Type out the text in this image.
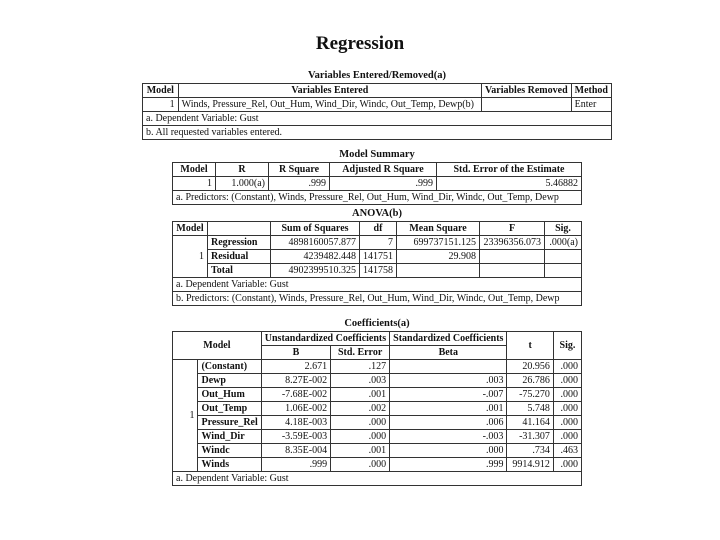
Regression
Variables Entered/Removed(a)
Model	Variables Entered	Variables Removed	Method
1	Winds, Pressure_Rel, Out_Hum, Wind_Dir, Windc, Out_Temp, Dewp(b)		Enter
a. Dependent Variable: Gust			
b. All requested variables entered.			
Model Summary
Model	R	R Square	Adjusted R Square	Std. Error of the Estimate
1	1.000(a)	.999	.999	5.46882
a. Predictors: (Constant), Winds, Pressure_Rel, Out_Hum, Wind_Dir, Windc, Out_Temp, Dewp				
ANOVA(b)
Model		Sum of Squares	df	Mean Square	F	Sig.
1	Regression	4898160057.877	7	699737151.125	23396356.073	.000(a)
	Residual	4239482.448	141751	29.908		
	Total	4902399510.325	141758			
a. Dependent Variable: Gust						
b. Predictors: (Constant), Winds, Pressure_Rel, Out_Hum, Wind_Dir, Windc, Out_Temp, Dewp						
Coefficients(a)
Model		Unstandardized Coefficients		Standardized Coefficients	t	Sig.
		B	Std. Error	Beta		
1	(Constant)	2.671	.127		20.956	.000
	Dewp	8.27E-002	.003	.003	26.786	.000
	Out_Hum	-7.68E-002	.001	-.007	-75.270	.000
	Out_Temp	1.06E-002	.002	.001	5.748	.000
	Pressure_Rel	4.18E-003	.000	.006	41.164	.000
	Wind_Dir	-3.59E-003	.000	-.003	-31.307	.000
	Windc	8.35E-004	.001	.000	.734	.463
	Winds	.999	.000	.999	9914.912	.000
a. Dependent Variable: Gust						
